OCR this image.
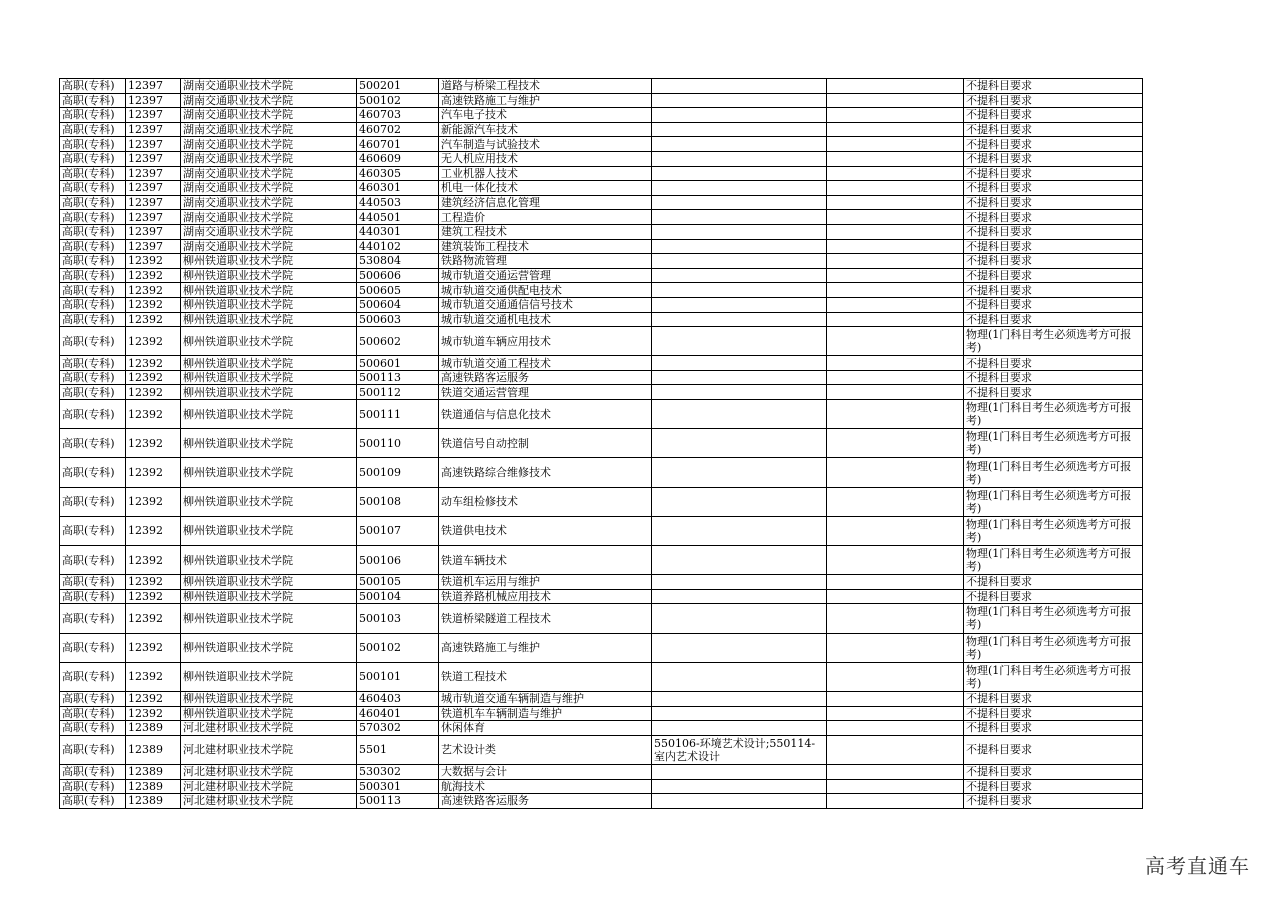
高职(专科)	12397	湖南交通职业技术学院	500201	道路与桥梁工程技术			不提科目要求
高职(专科)	12397	湖南交通职业技术学院	500102	高速铁路施工与维护			不提科目要求
高职(专科)	12397	湖南交通职业技术学院	460703	汽车电子技术			不提科目要求
高职(专科)	12397	湖南交通职业技术学院	460702	新能源汽车技术			不提科目要求
高职(专科)	12397	湖南交通职业技术学院	460701	汽车制造与试验技术			不提科目要求
高职(专科)	12397	湖南交通职业技术学院	460609	无人机应用技术			不提科目要求
高职(专科)	12397	湖南交通职业技术学院	460305	工业机器人技术			不提科目要求
高职(专科)	12397	湖南交通职业技术学院	460301	机电一体化技术			不提科目要求
高职(专科)	12397	湖南交通职业技术学院	440503	建筑经济信息化管理			不提科目要求
高职(专科)	12397	湖南交通职业技术学院	440501	工程造价			不提科目要求
高职(专科)	12397	湖南交通职业技术学院	440301	建筑工程技术			不提科目要求
高职(专科)	12397	湖南交通职业技术学院	440102	建筑装饰工程技术			不提科目要求
高职(专科)	12392	柳州铁道职业技术学院	530804	铁路物流管理			不提科目要求
高职(专科)	12392	柳州铁道职业技术学院	500606	城市轨道交通运营管理			不提科目要求
高职(专科)	12392	柳州铁道职业技术学院	500605	城市轨道交通供配电技术			不提科目要求
高职(专科)	12392	柳州铁道职业技术学院	500604	城市轨道交通通信信号技术			不提科目要求
高职(专科)	12392	柳州铁道职业技术学院	500603	城市轨道交通机电技术			不提科目要求
高职(专科)	12392	柳州铁道职业技术学院	500602	城市轨道车辆应用技术			物理(1门科目考生必须选考方可报考)
高职(专科)	12392	柳州铁道职业技术学院	500601	城市轨道交通工程技术			不提科目要求
高职(专科)	12392	柳州铁道职业技术学院	500113	高速铁路客运服务			不提科目要求
高职(专科)	12392	柳州铁道职业技术学院	500112	铁道交通运营管理			不提科目要求
高职(专科)	12392	柳州铁道职业技术学院	500111	铁道通信与信息化技术			物理(1门科目考生必须选考方可报考)
高职(专科)	12392	柳州铁道职业技术学院	500110	铁道信号自动控制			物理(1门科目考生必须选考方可报考)
高职(专科)	12392	柳州铁道职业技术学院	500109	高速铁路综合维修技术			物理(1门科目考生必须选考方可报考)
高职(专科)	12392	柳州铁道职业技术学院	500108	动车组检修技术			物理(1门科目考生必须选考方可报考)
高职(专科)	12392	柳州铁道职业技术学院	500107	铁道供电技术			物理(1门科目考生必须选考方可报考)
高职(专科)	12392	柳州铁道职业技术学院	500106	铁道车辆技术			物理(1门科目考生必须选考方可报考)
高职(专科)	12392	柳州铁道职业技术学院	500105	铁道机车运用与维护			不提科目要求
高职(专科)	12392	柳州铁道职业技术学院	500104	铁道养路机械应用技术			不提科目要求
高职(专科)	12392	柳州铁道职业技术学院	500103	铁道桥梁隧道工程技术			物理(1门科目考生必须选考方可报考)
高职(专科)	12392	柳州铁道职业技术学院	500102	高速铁路施工与维护			物理(1门科目考生必须选考方可报考)
高职(专科)	12392	柳州铁道职业技术学院	500101	铁道工程技术			物理(1门科目考生必须选考方可报考)
高职(专科)	12392	柳州铁道职业技术学院	460403	城市轨道交通车辆制造与维护			不提科目要求
高职(专科)	12392	柳州铁道职业技术学院	460401	铁道机车车辆制造与维护			不提科目要求
高职(专科)	12389	河北建材职业技术学院	570302	休闲体育			不提科目要求
高职(专科)	12389	河北建材职业技术学院	5501	艺术设计类	550106-环境艺术设计;550114-室内艺术设计		不提科目要求
高职(专科)	12389	河北建材职业技术学院	530302	大数据与会计			不提科目要求
高职(专科)	12389	河北建材职业技术学院	500301	航海技术			不提科目要求
高职(专科)	12389	河北建材职业技术学院	500113	高速铁路客运服务			不提科目要求
高考直通车
